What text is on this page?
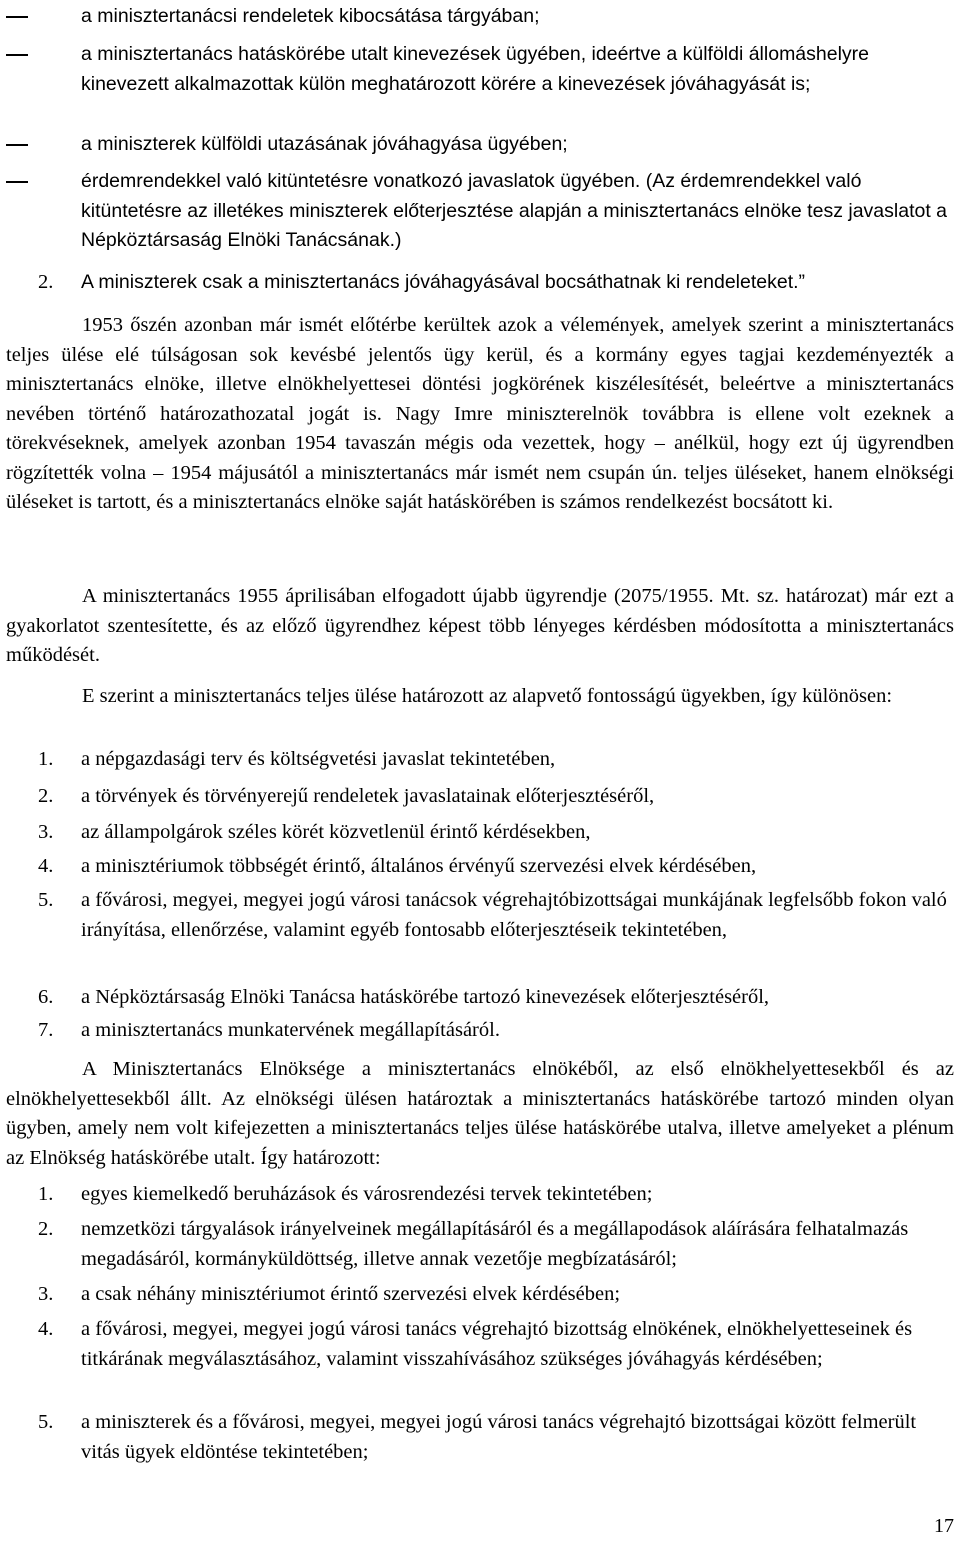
a minisztertanácsi rendeletek kibocsátása tárgyában;
a minisztertanács hatáskörébe utalt kinevezések ügyében, ideértve a külföldi állomáshelyre kinevezett alkalmazottak külön meghatározott körére a kinevezések jóváhagyását is;
a miniszterek külföldi utazásának jóváhagyása ügyében;
érdemrendekkel való kitüntetésre vonatkozó javaslatok ügyében. (Az érdemrendekkel való kitüntetésre az illetékes miniszterek előterjesztése alapján a minisztertanács elnöke tesz javaslatot a Népköztársaság Elnöki Tanácsának.)
2.	A miniszterek csak a minisztertanács jóváhagyásával bocsáthatnak ki rendeleteket.”

1953 őszén azonban már ismét előtérbe kerültek azok a vélemények, amelyek szerint a minisztertanács teljes ülése elé túlságosan sok kevésbé jelentős ügy kerül, és a kormány egyes tagjai kezdeményezték a minisztertanács elnöke, illetve elnökhelyettesei döntési jogkörének kiszélesítését, beleértve a minisztertanács nevében történő határozathozatal jogát is. Nagy Imre miniszterelnök továbbra is ellene volt ezeknek a törekvéseknek, amelyek azonban 1954 tavaszán mégis oda vezettek, hogy – anélkül, hogy ezt új ügyrendben rögzítették volna – 1954 májusától a minisztertanács már ismét nem csupán ún. teljes üléseket, hanem elnökségi üléseket is tartott, és a minisztertanács elnöke saját hatáskörében is számos rendelkezést bocsátott ki.

A minisztertanács 1955 áprilisában elfogadott újabb ügyrendje (2075/1955. Mt. sz. határozat) már ezt a gyakorlatot szentesítette, és az előző ügyrendhez képest több lényeges kérdésben módosította a minisztertanács működését.

E szerint a minisztertanács teljes ülése határozott az alapvető fontosságú ügyekben, így különösen:

1.	a népgazdasági terv és költségvetési javaslat tekintetében,
2.	a törvények és törvényerejű rendeletek javaslatainak előterjesztéséről,
3.	az állampolgárok széles körét közvetlenül érintő kérdésekben,
4.	a minisztériumok többségét érintő, általános érvényű szervezési elvek kérdésében,
5.	a fővárosi, megyei, megyei jogú városi tanácsok végrehajtóbizottságai munkájának legfelsőbb fokon való irányítása, ellenőrzése, valamint egyéb fontosabb előterjesztéseik tekintetében,
6.	a Népköztársaság Elnöki Tanácsa hatáskörébe tartozó kinevezések előterjesztéséről,
7.	a minisztertanács munkatervének megállapításáról.

A Minisztertanács Elnöksége a minisztertanács elnökéből, az első elnökhelyettesekből és az elnökhelyettesekből állt. Az elnökségi ülésen határoztak a minisztertanács hatáskörébe tartozó minden olyan ügyben, amely nem volt kifejezetten a minisztertanács teljes ülése hatáskörébe utalva, illetve amelyeket a plénum az Elnökség hatáskörébe utalt. Így határozott:

1.	egyes kiemelkedő beruházások és városrendezési tervek tekintetében;
2.	nemzetközi tárgyalások irányelveinek megállapításáról és a megállapodások aláírására felhatalmazás megadásáról, kormányküldöttség, illetve annak vezetője megbízatásáról;
3.	a csak néhány minisztériumot érintő szervezési elvek kérdésében;
4.	a fővárosi, megyei, megyei jogú városi tanács végrehajtó bizottság elnökének, elnökhelyetteseinek és titkárának megválasztásához, valamint visszahívásához szükséges jóváhagyás kérdésében;
5.	a miniszterek és a fővárosi, megyei, megyei jogú városi tanács végrehajtó bizottságai között felmerült vitás ügyek eldöntése tekintetében;
17
